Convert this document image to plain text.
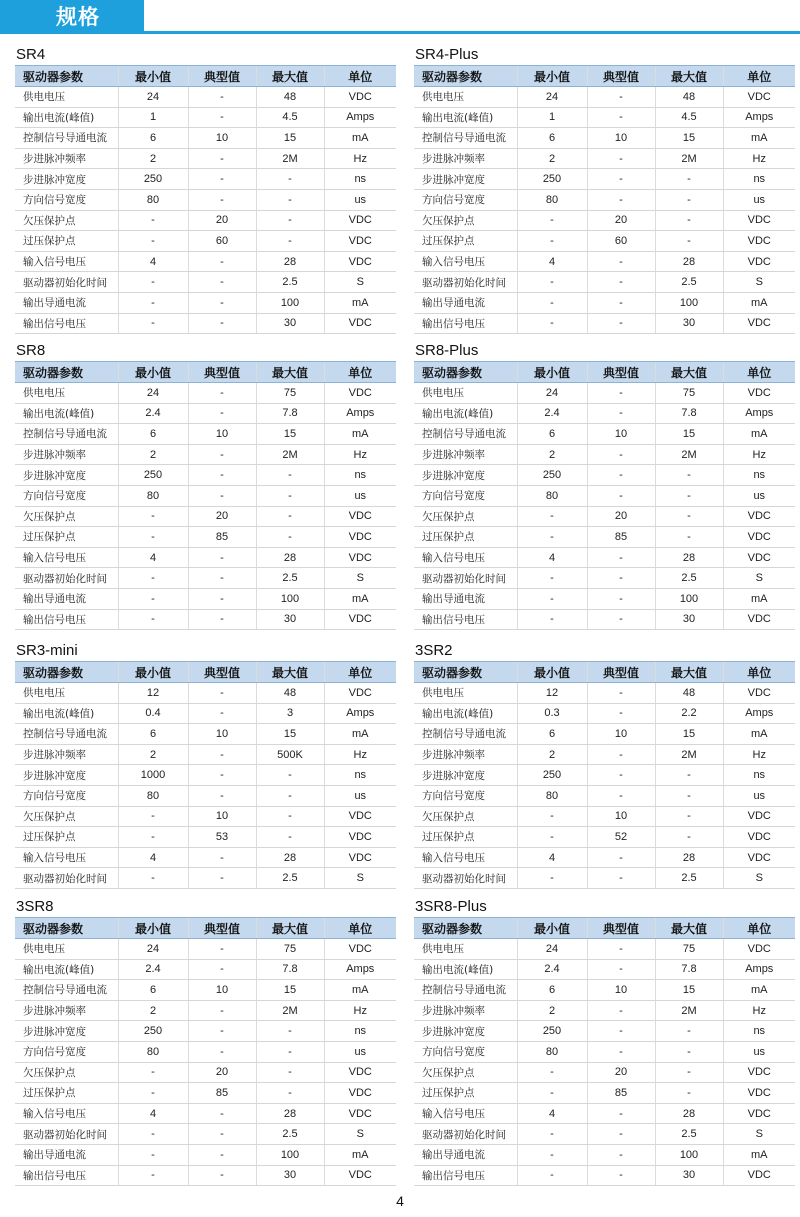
规格
SR4
驱动器参数	最小值	典型值	最大值	单位
供电电压	24	-	48	VDC
输出电流(峰值)	1	-	4.5	Amps
控制信号导通电流	6	10	15	mA
步进脉冲频率	2	-	2M	Hz
步进脉冲宽度	250	-	-	ns
方向信号宽度	80	-	-	us
欠压保护点	-	20	-	VDC
过压保护点	-	60	-	VDC
输入信号电压	4	-	28	VDC
驱动器初始化时间	-	-	2.5	S
输出导通电流	-	-	100	mA
输出信号电压	-	-	30	VDC
SR4-Plus
驱动器参数	最小值	典型值	最大值	单位
供电电压	24	-	48	VDC
输出电流(峰值)	1	-	4.5	Amps
控制信号导通电流	6	10	15	mA
步进脉冲频率	2	-	2M	Hz
步进脉冲宽度	250	-	-	ns
方向信号宽度	80	-	-	us
欠压保护点	-	20	-	VDC
过压保护点	-	60	-	VDC
输入信号电压	4	-	28	VDC
驱动器初始化时间	-	-	2.5	S
输出导通电流	-	-	100	mA
输出信号电压	-	-	30	VDC
SR8
驱动器参数	最小值	典型值	最大值	单位
供电电压	24	-	75	VDC
输出电流(峰值)	2.4	-	7.8	Amps
控制信号导通电流	6	10	15	mA
步进脉冲频率	2	-	2M	Hz
步进脉冲宽度	250	-	-	ns
方向信号宽度	80	-	-	us
欠压保护点	-	20	-	VDC
过压保护点	-	85	-	VDC
输入信号电压	4	-	28	VDC
驱动器初始化时间	-	-	2.5	S
输出导通电流	-	-	100	mA
输出信号电压	-	-	30	VDC
SR8-Plus
驱动器参数	最小值	典型值	最大值	单位
供电电压	24	-	75	VDC
输出电流(峰值)	2.4	-	7.8	Amps
控制信号导通电流	6	10	15	mA
步进脉冲频率	2	-	2M	Hz
步进脉冲宽度	250	-	-	ns
方向信号宽度	80	-	-	us
欠压保护点	-	20	-	VDC
过压保护点	-	85	-	VDC
输入信号电压	4	-	28	VDC
驱动器初始化时间	-	-	2.5	S
输出导通电流	-	-	100	mA
输出信号电压	-	-	30	VDC
SR3-mini
驱动器参数	最小值	典型值	最大值	单位
供电电压	12	-	48	VDC
输出电流(峰值)	0.4	-	3	Amps
控制信号导通电流	6	10	15	mA
步进脉冲频率	2	-	500K	Hz
步进脉冲宽度	1000	-	-	ns
方向信号宽度	80	-	-	us
欠压保护点	-	10	-	VDC
过压保护点	-	53	-	VDC
输入信号电压	4	-	28	VDC
驱动器初始化时间	-	-	2.5	S
3SR2
驱动器参数	最小值	典型值	最大值	单位
供电电压	12	-	48	VDC
输出电流(峰值)	0.3	-	2.2	Amps
控制信号导通电流	6	10	15	mA
步进脉冲频率	2	-	2M	Hz
步进脉冲宽度	250	-	-	ns
方向信号宽度	80	-	-	us
欠压保护点	-	10	-	VDC
过压保护点	-	52	-	VDC
输入信号电压	4	-	28	VDC
驱动器初始化时间	-	-	2.5	S
3SR8
驱动器参数	最小值	典型值	最大值	单位
供电电压	24	-	75	VDC
输出电流(峰值)	2.4	-	7.8	Amps
控制信号导通电流	6	10	15	mA
步进脉冲频率	2	-	2M	Hz
步进脉冲宽度	250	-	-	ns
方向信号宽度	80	-	-	us
欠压保护点	-	20	-	VDC
过压保护点	-	85	-	VDC
输入信号电压	4	-	28	VDC
驱动器初始化时间	-	-	2.5	S
输出导通电流	-	-	100	mA
输出信号电压	-	-	30	VDC
3SR8-Plus
驱动器参数	最小值	典型值	最大值	单位
供电电压	24	-	75	VDC
输出电流(峰值)	2.4	-	7.8	Amps
控制信号导通电流	6	10	15	mA
步进脉冲频率	2	-	2M	Hz
步进脉冲宽度	250	-	-	ns
方向信号宽度	80	-	-	us
欠压保护点	-	20	-	VDC
过压保护点	-	85	-	VDC
输入信号电压	4	-	28	VDC
驱动器初始化时间	-	-	2.5	S
输出导通电流	-	-	100	mA
输出信号电压	-	-	30	VDC
4
